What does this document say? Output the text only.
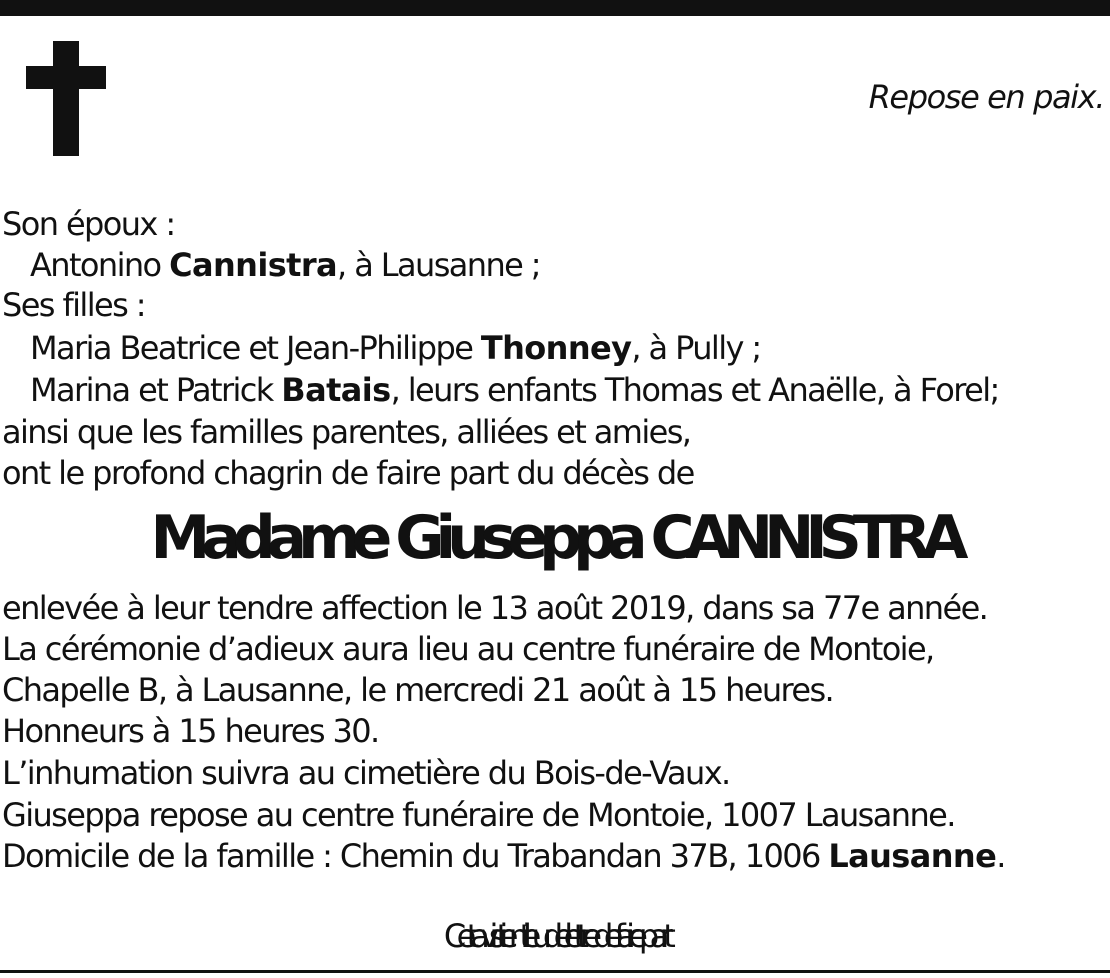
Repose en paix.
Son époux :
Antonino Cannistra, à Lausanne ;
Ses filles :
Maria Beatrice et Jean-Philippe Thonney, à Pully ;
Marina et Patrick Batais, leurs enfants Thomas et Anaëlle, à Forel;
ainsi que les familles parentes, alliées et amies,
ont le profond chagrin de faire part du décès de
Madame Giuseppa CANNISTRA
enlevée à leur tendre affection le 13 août 2019, dans sa 77e année.
La cérémonie d’adieux aura lieu au centre funéraire de Montoie,
Chapelle B, à Lausanne, le mercredi 21 août à 15 heures.
Honneurs à 15 heures 30.
L’inhumation suivra au cimetière du Bois-de-Vaux.
Giuseppa repose au centre funéraire de Montoie, 1007 Lausanne.
Domicile de la famille : Chemin du Trabandan 37B, 1006 Lausanne.
Cet avis tient lieu de lettre de faire part
